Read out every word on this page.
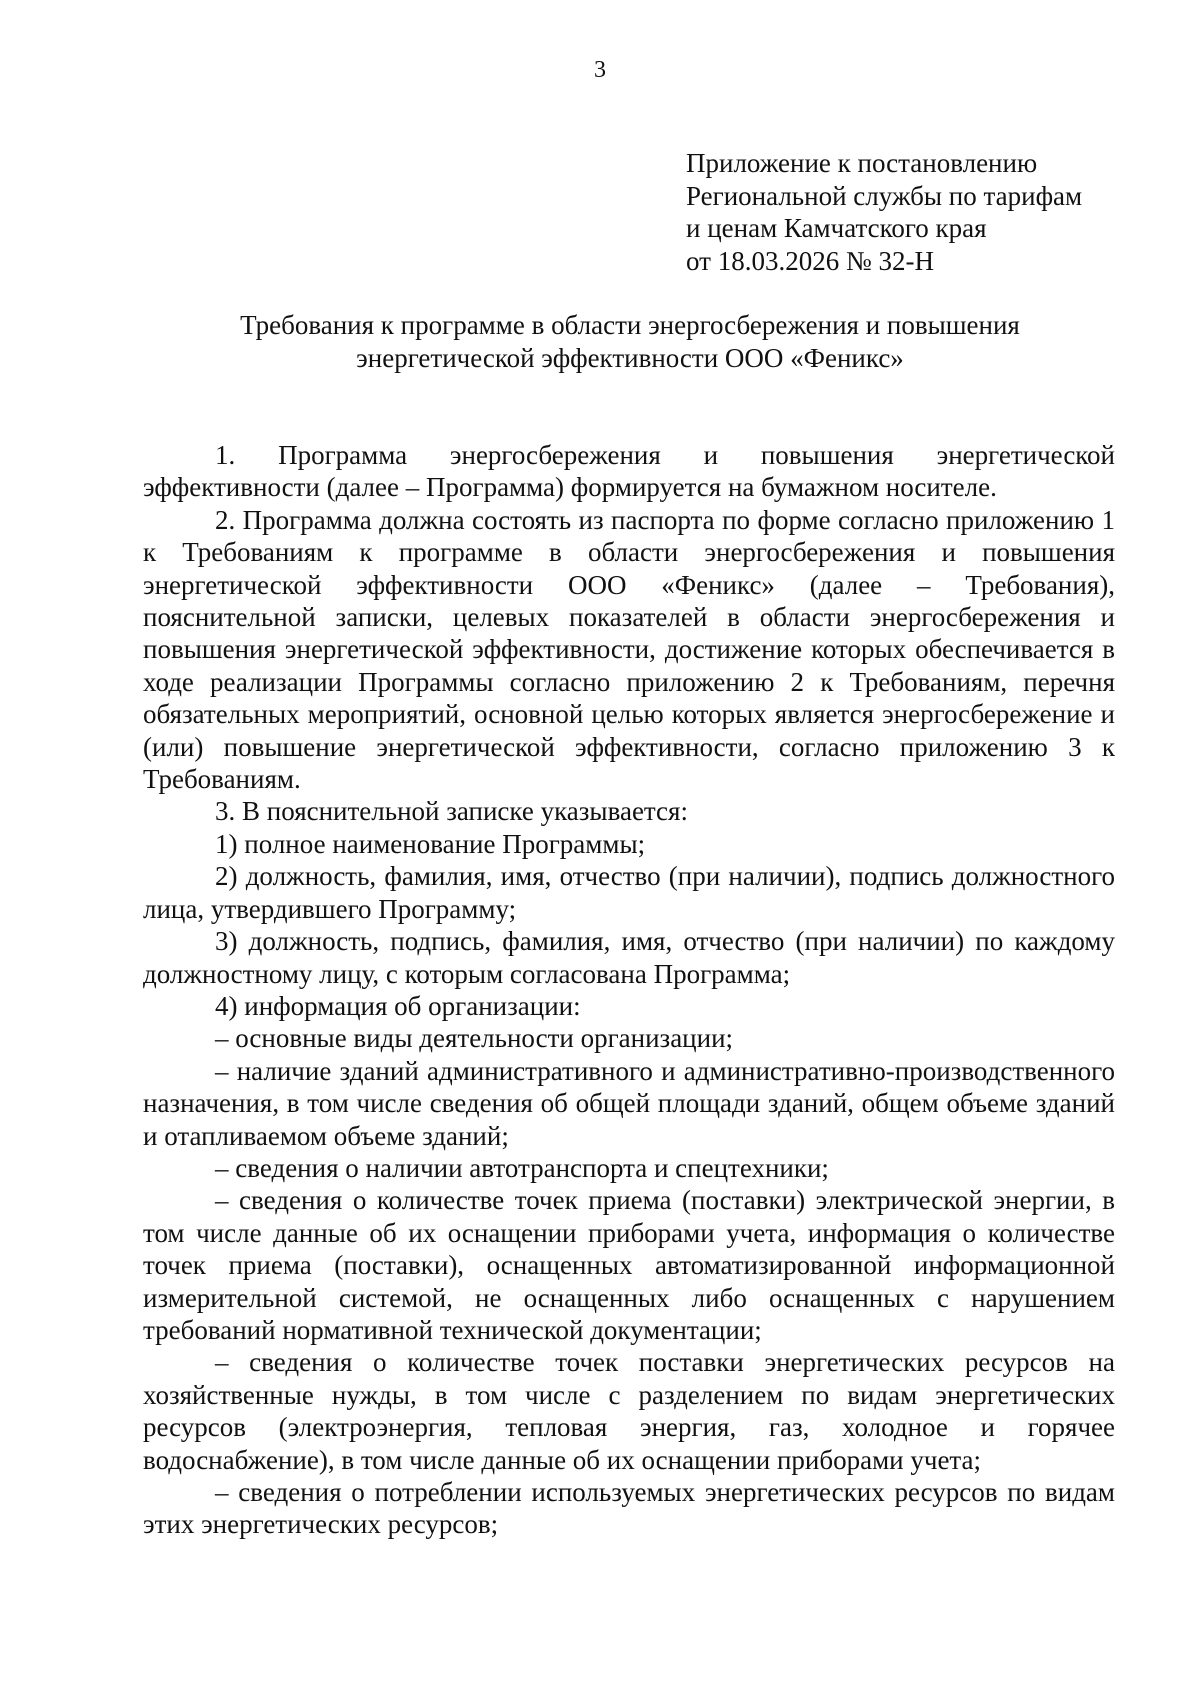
3
Приложение к постановлению
Региональной службы по тарифам
и ценам Камчатского края
от 18.03.2026 № 32-Н
Требования к программе в области энергосбережения и повышения
энергетической эффективности ООО «Феникс»

1. Программа энергосбережения и повышения энергетической эффективности (далее – Программа) формируется на бумажном носителе.

2. Программа должна состоять из паспорта по форме согласно приложению 1 к Требованиям к программе в области энергосбережения и повышения энергетической эффективности ООО «Феникс» (далее – Требования), пояснительной записки, целевых показателей в области энергосбережения и повышения энергетической эффективности, достижение которых обеспечивается в ходе реализации Программы согласно приложению 2 к Требованиям, перечня обязательных мероприятий, основной целью которых является энергосбережение и (или) повышение энергетической эффективности, согласно приложению 3 к Требованиям.

3. В пояснительной записке указывается:

1) полное наименование Программы;

2) должность, фамилия, имя, отчество (при наличии), подпись должностного лица, утвердившего Программу;

3) должность, подпись, фамилия, имя, отчество (при наличии) по каждому должностному лицу, с которым согласована Программа;

4) информация об организации:

– основные виды деятельности организации;

– наличие зданий административного и административно-производственного назначения, в том числе сведения об общей площади зданий, общем объеме зданий и отапливаемом объеме зданий;

– сведения о наличии автотранспорта и спецтехники;

– сведения о количестве точек приема (поставки) электрической энергии, в том числе данные об их оснащении приборами учета, информация о количестве точек приема (поставки), оснащенных автоматизированной информационной измерительной системой, не оснащенных либо оснащенных с нарушением требований нормативной технической документации;

– сведения о количестве точек поставки энергетических ресурсов на хозяйственные нужды, в том числе с разделением по видам энергетических ресурсов (электроэнергия, тепловая энергия, газ, холодное и горячее водоснабжение), в том числе данные об их оснащении приборами учета;

– сведения о потреблении используемых энергетических ресурсов по видам этих энергетических ресурсов;
